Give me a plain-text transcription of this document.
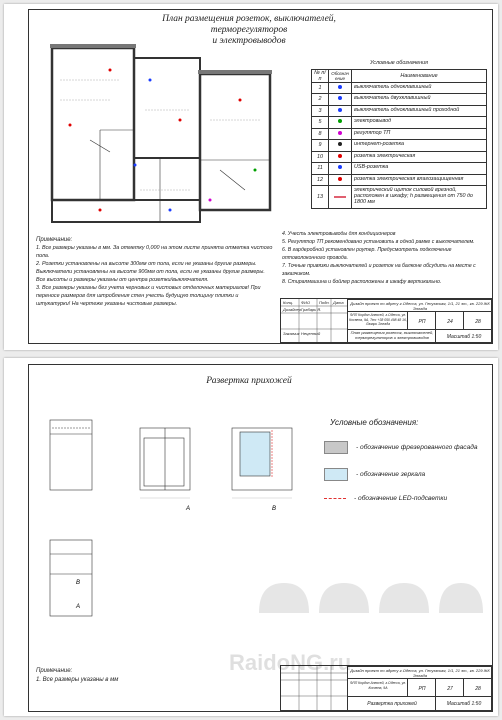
План размещения розеток, выключателей,
терморегуляторов
и электровыводов
Условные обозначения		
№ п/п	Обозначение	Наименование
1		выключатель одноклавишный
2		выключатель двухклавишный
3		выключатель одноклавишный проходной
5		электровывод
8		регулятор ТП
9		интернет-розетка
10		розетка электрическая
11		USB-розетка
12		розетка электрическая влагозащищенная
13		электрический щиток силовой врезной, расположен в шкафу; h размещения от 750 до 1800 мм
4. Учесть электровыводы для кондиционеров
5. Регулятор ТП рекомендовано установить в одной рамке с выключателем.
6. В гардеробной установлен роутер. Предусмотреть подключение оптоволоконного провода.
7. Точные привязки выключателей и розеток на балконе обсудить на месте с заказчиком.
8. Стиралмашина и бойлер расположены в шкафу вертикально.
Примечание:
1. Все размеры указаны в мм. За отметку 0,000 на этом листе принята отметка чистого пола.
2. Розетки установлены на высоте 300мм от пола, если не указаны другие размеры. Выключатели установлены на высоте 900мм от пола, если не указаны другие размеры. Все высоты и размеры указаны от центра розетки/выключателя.
3. Все размеры указаны без учета черновых и чистовых отделочных материалов! При переносе размеров для штробления стен учесть будущую толщину плитки и штукатурки! На чертеже указаны чистовые размеры.	Конц. ФИО Подп. Дата
Дизайнер Грабарь Я.
Заказчик Неценный
Дизайн проект по адресу г.Одесса, ул. Генуэзская, 1/1, 21 эт., кв. 229 ЖК Элладa
ФЛП Кордон Алексей, г.Одесса, ул. Косвена, 9А, Тел: +38 050 498 48 16, Лазарь Элладa	РП	24	28
План размещения розеток, выключателей, терморегуляторов и электровыводов	Масштаб 1:50
Развертка прихожей
А	В
В
А
Условные обозначения:
- обозначение фрезерованного фасада
- обозначение зеркала
- обозначение LED-подсветки
Примечание:
1. Все размеры указаны в мм
Дизайн проект по адресу г.Одесса, ул. Генуэзская, 1/1, 21 эт., кв. 229 ЖК Элладa
ФЛП Кордон Алексей, г.Одесса, ул. Косвена, 9А	РП	27	28
Развертка прихожей	Масштаб 1:50
RaidoNG.ru
